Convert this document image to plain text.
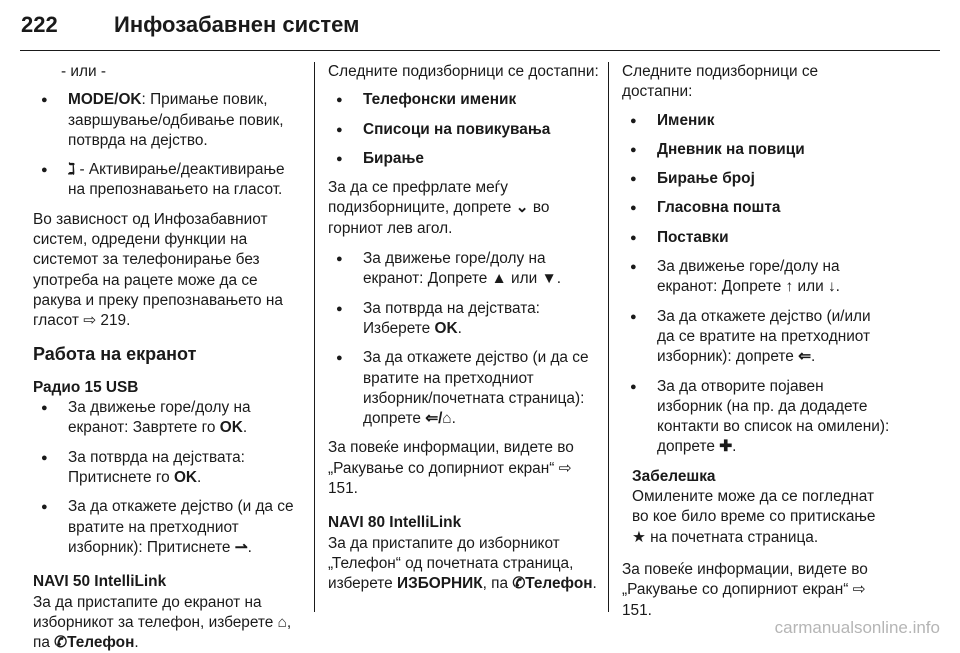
222	Инфозабавнен систем

- или -

● MODE/OK: Примање повик, завршување/одбивање повик, потврда на дејство.

● ℷ - Активирање/деактивирање на препознавањето на гласот.

Во зависност од Инфозабавниот систем, одредени функции на системот за телефонирање без употреба на рацете може да се ракува и преку препознавањето на гласот ⇨ 219.

Работа на екранот

Радио 15 USB

● За движење горе/долу на екранот: Завртете го OK.

● За потврда на дејствата: Притиснете го OK.

● За да откажете дејство (и да се вратите на претходниот изборник): Притиснете ⇀.

NAVI 50 IntelliLink

За да пристапите до екранот на изборникот за телефон, изберете ⌂, па ✆Телефон.

Следните подизборници се достапни:

● Телефонски именик

● Списоци на повикувања

● Бирање

За да се префрлате меѓу подизборниците, допрете ⌄ во горниот лев агол.

● За движење горе/долу на екранот: Допрете ▲ или ▼.

● За потврда на дејствата: Изберете OK.

● За да откажете дејство (и да се вратите на претходниот изборник/почетната страница): допрете ⇐/⌂.

За повеќе информации, видете во „Ракување со допирниот екран“ ⇨ 151.

NAVI 80 IntelliLink

За да пристапите до изборникот „Телефон“ од почетната страница, изберете ИЗБОРНИК, па ✆Телефон.

Следните подизборници се достапни:

● Именик

● Дневник на повици

● Бирање број

● Гласовна пошта

● Поставки

● За движење горе/долу на екранот: Допрете ↑ или ↓.

● За да откажете дејство (и/или да се вратите на претходниот изборник): допрете ⇐.

● За да отворите појавен изборник (на пр. да додадете контакти во список на омилени): допрете ✚.

Забелешка

Омилените може да се погледнат во кое било време со притискање ★ на почетната страница.

За повеќе информации, видете во „Ракување со допирниот екран“ ⇨ 151.

carmanualsonline.info
